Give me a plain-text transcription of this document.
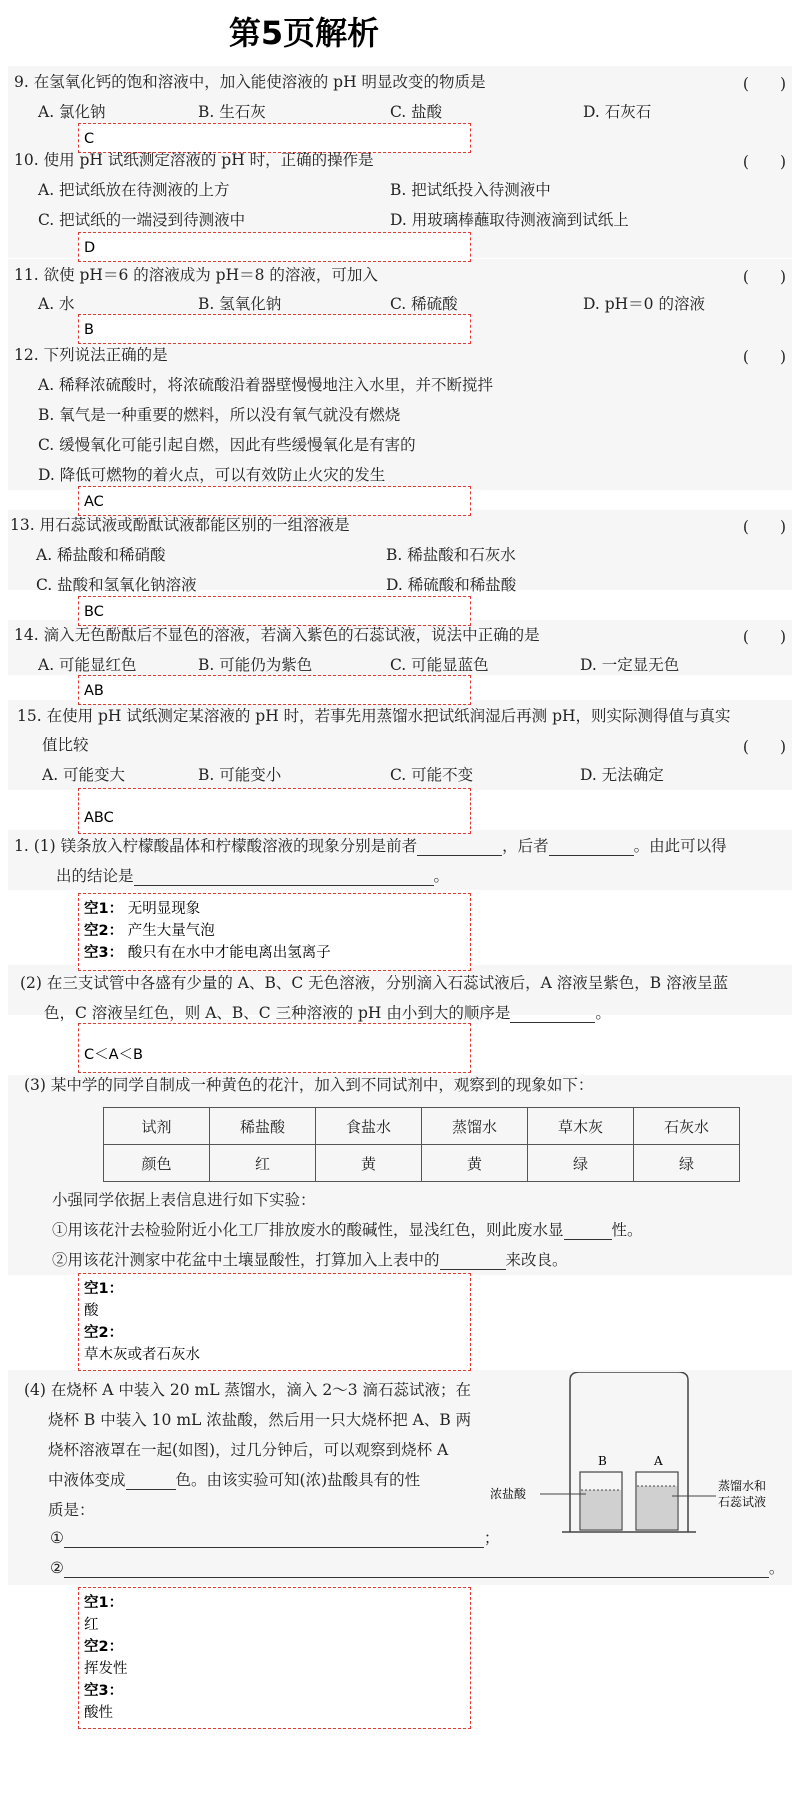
第5页解析
9. 在氢氧化钙的饱和溶液中，加入能使溶液的 pH 明显改变的物质是	(　　)
A. 氯化钠	B. 生石灰	C. 盐酸	D. 石灰石
C
10. 使用 pH 试纸测定溶液的 pH 时，正确的操作是	(　　)
A. 把试纸放在待测液的上方	B. 把试纸投入待测液中
C. 把试纸的一端浸到待测液中	D. 用玻璃棒蘸取待测液滴到试纸上
D
11. 欲使 pH＝6 的溶液成为 pH＝8 的溶液，可加入	(　　)
A. 水	B. 氢氧化钠	C. 稀硫酸	D. pH＝0 的溶液
B
12. 下列说法正确的是	(　　)
A. 稀释浓硫酸时，将浓硫酸沿着器壁慢慢地注入水里，并不断搅拌
B. 氧气是一种重要的燃料，所以没有氧气就没有燃烧
C. 缓慢氧化可能引起自燃，因此有些缓慢氧化是有害的
D. 降低可燃物的着火点，可以有效防止火灾的发生
AC
13. 用石蕊试液或酚酞试液都能区别的一组溶液是	(　　)
A. 稀盐酸和稀硝酸	B. 稀盐酸和石灰水
C. 盐酸和氢氧化钠溶液	D. 稀硫酸和稀盐酸
BC
14. 滴入无色酚酞后不显色的溶液，若滴入紫色的石蕊试液，说法中正确的是	(　　)
A. 可能显红色	B. 可能仍为紫色	C. 可能显蓝色	D. 一定显无色
AB
15. 在使用 pH 试纸测定某溶液的 pH 时，若事先用蒸馏水把试纸润湿后再测 pH，则实际测得值与真实
值比较	(　　)
A. 可能变大	B. 可能变小	C. 可能不变	D. 无法确定
ABC
1. (1) 镁条放入柠檬酸晶体和柠檬酸溶液的现象分别是前者	，后者	。由此可以得
出的结论是	。
空1： 无明显现象
空2： 产生大量气泡
空3： 酸只有在水中才能电离出氢离子
(2) 在三支试管中各盛有少量的 A、B、C 无色溶液，分别滴入石蕊试液后，A 溶液呈紫色，B 溶液呈蓝
色，C 溶液呈红色，则 A、B、C 三种溶液的 pH 由小到大的顺序是	。
C＜A＜B
(3) 某中学的同学自制成一种黄色的花汁，加入到不同试剂中，观察到的现象如下：
试剂	稀盐酸	食盐水	蒸馏水	草木灰	石灰水
颜色	红	黄	黄	绿	绿
小强同学依据上表信息进行如下实验：
①用该花汁去检验附近小化工厂排放废水的酸碱性，显浅红色，则此废水显	性。
②用该花汁测家中花盆中土壤显酸性，打算加入上表中的	来改良。
空1：
酸
空2：
草木灰或者石灰水
(4) 在烧杯 A 中装入 20 mL 蒸馏水，滴入 2～3 滴石蕊试液；在
烧杯 B 中装入 10 mL 浓盐酸，然后用一只大烧杯把 A、B 两
烧杯溶液罩在一起(如图)，过几分钟后，可以观察到烧杯 A
中液体变成	色。由该实验可知(浓)盐酸具有的性
质是：
①	；
②	。
B	A
浓盐酸
蒸馏水和
石蕊试液
空1：
红
空2：
挥发性
空3：
酸性
